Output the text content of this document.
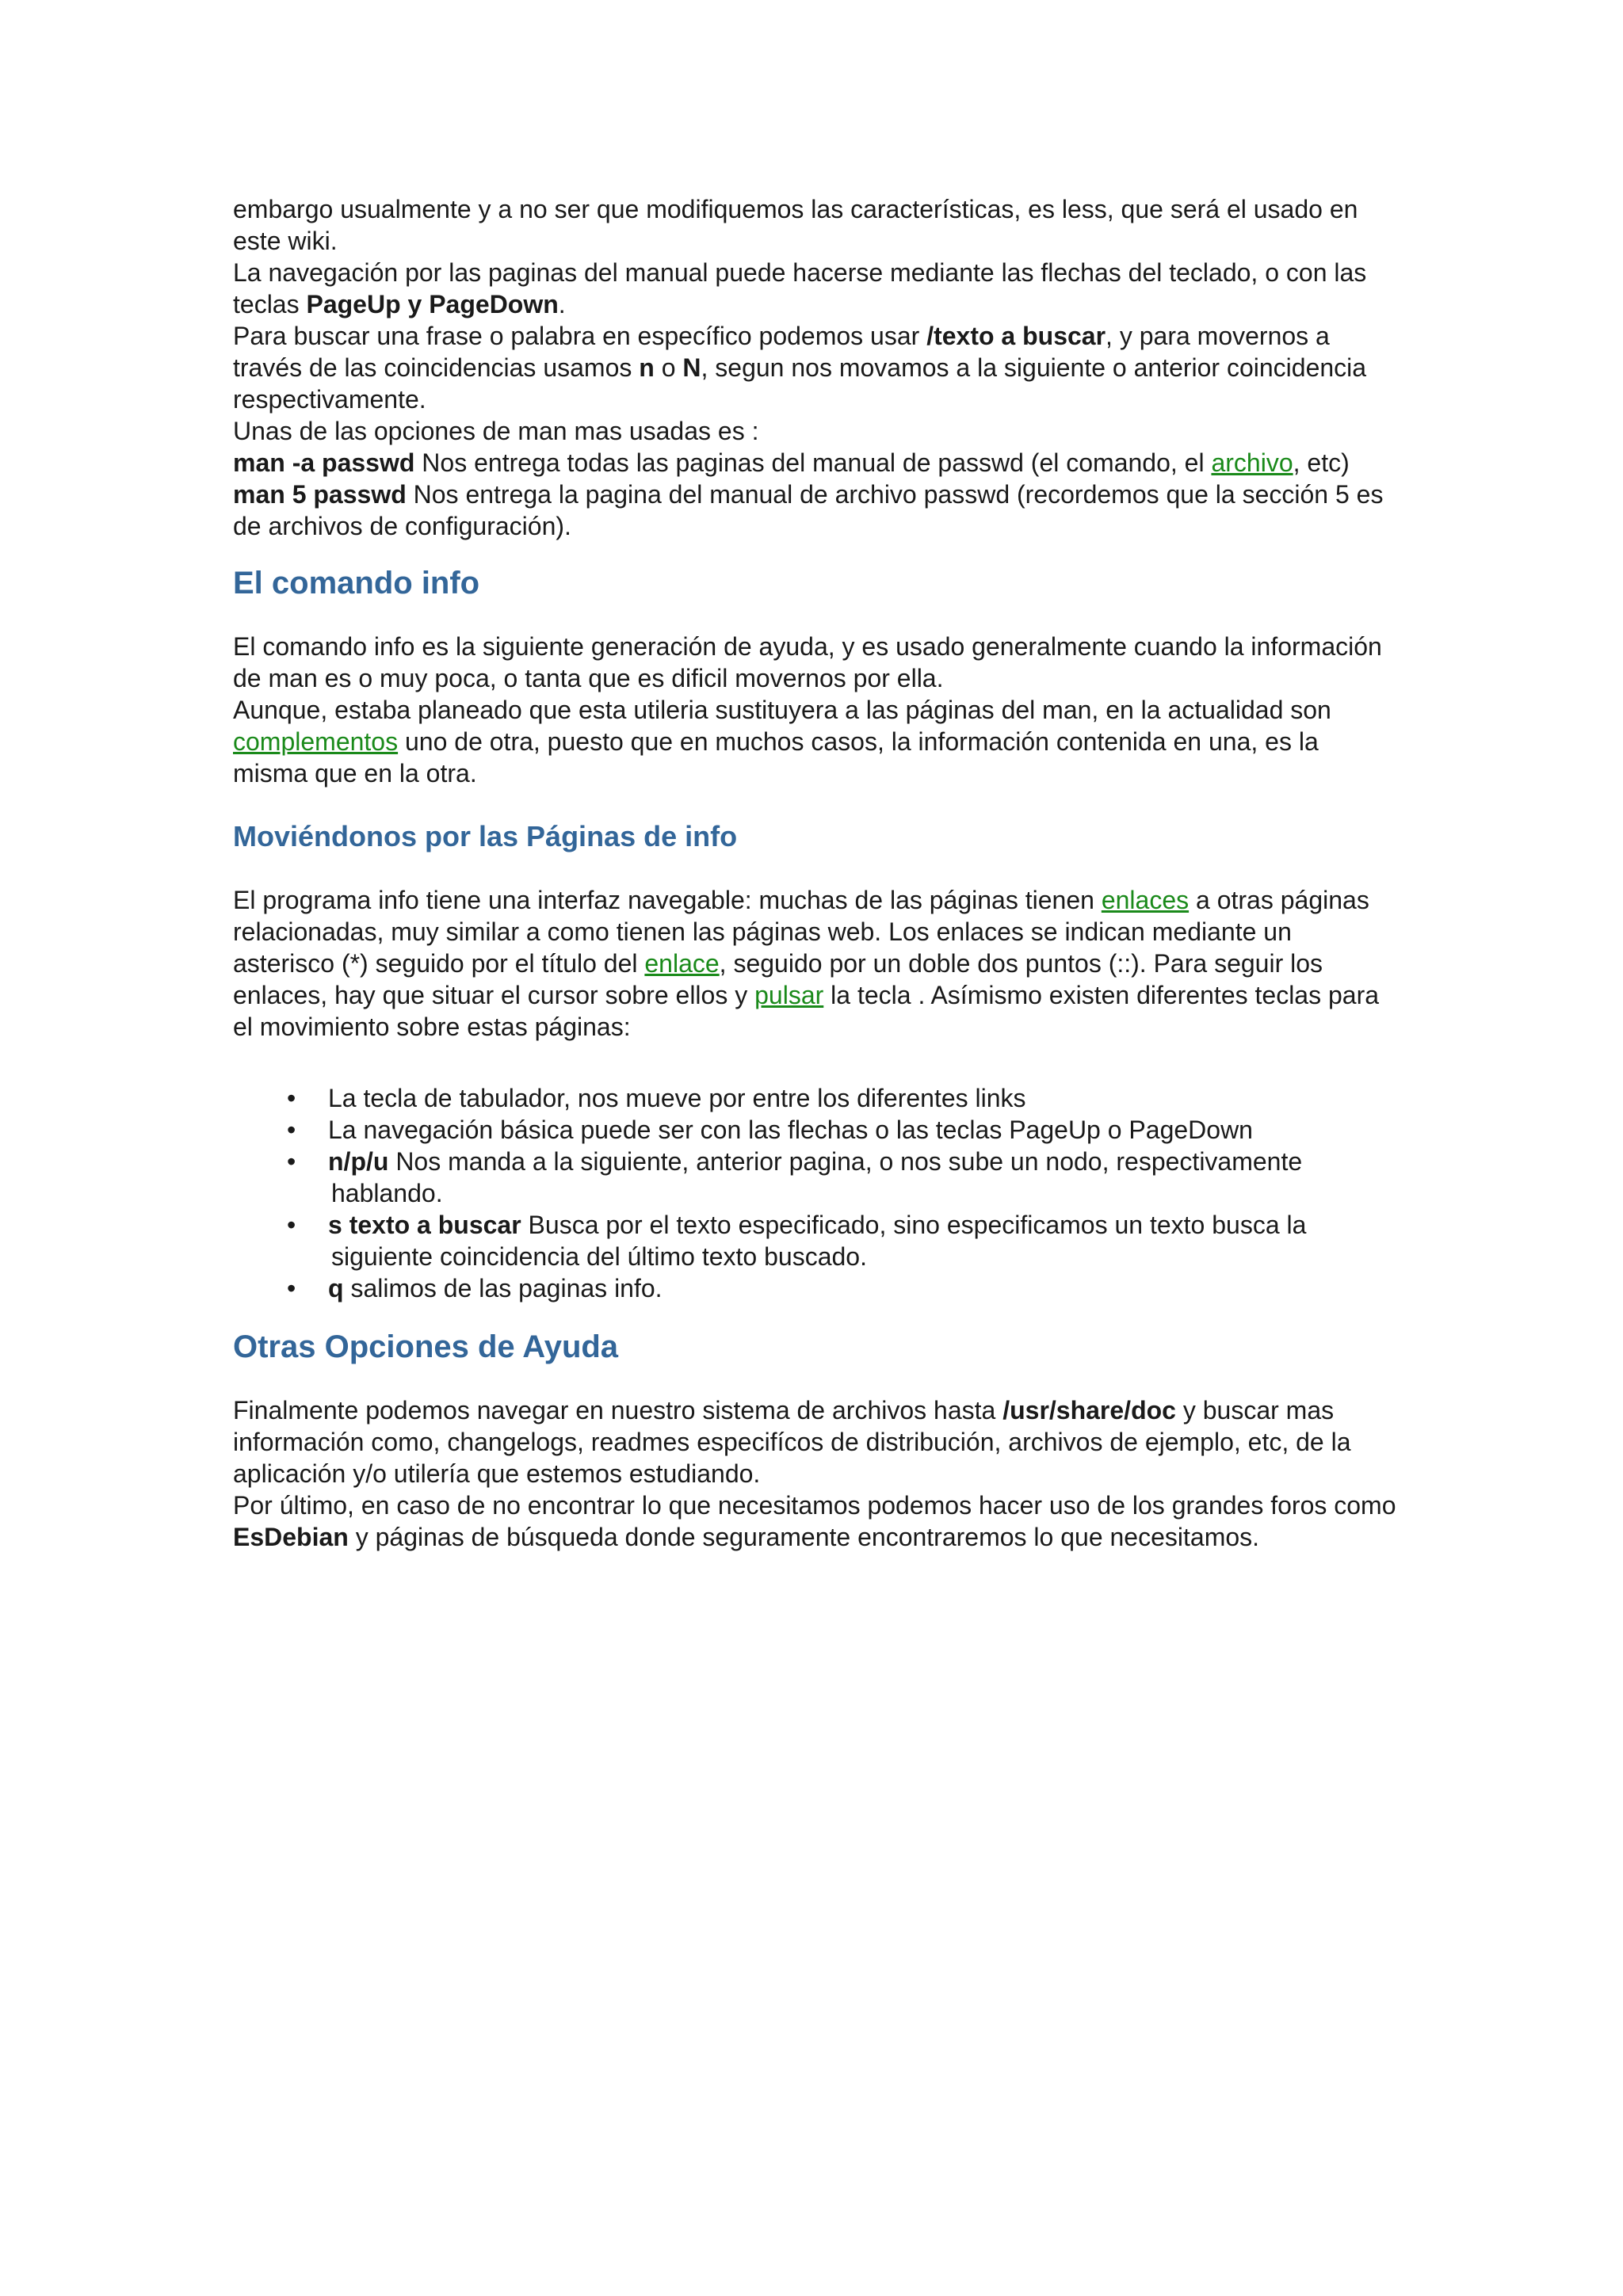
embargo usualmente y a no ser que modifiquemos las características, es less, que será el usado en este wiki.

La navegación por las paginas del manual puede hacerse mediante las flechas del teclado, o con las teclas PageUp y PageDown.

Para buscar una frase o palabra en específico podemos usar /texto a buscar, y para movernos a través de las coincidencias usamos n o N, segun nos movamos a la siguiente o anterior coincidencia respectivamente.

Unas de las opciones de man mas usadas es :

man -a passwd Nos entrega todas las paginas del manual de passwd (el comando, el archivo, etc)

man 5 passwd Nos entrega la pagina del manual de archivo passwd (recordemos que la sección 5 es de archivos de configuración).

El comando info

El comando info es la siguiente generación de ayuda, y es usado generalmente cuando la información de man es o muy poca, o tanta que es dificil movernos por ella.

Aunque, estaba planeado que esta utileria sustituyera a las páginas del man, en la actualidad son complementos uno de otra, puesto que en muchos casos, la información contenida en una, es la misma que en la otra.

Moviéndonos por las Páginas de info

El programa info tiene una interfaz navegable: muchas de las páginas tienen enlaces a otras páginas relacionadas, muy similar a como tienen las páginas web. Los enlaces se indican mediante un asterisco (*) seguido por el título del enlace, seguido por un doble dos puntos (::). Para seguir los enlaces, hay que situar el cursor sobre ellos y pulsar la tecla . Asímismo existen diferentes teclas para el movimiento sobre estas páginas:

• La tecla de tabulador, nos mueve por entre los diferentes links
• La navegación básica puede ser con las flechas o las teclas PageUp o PageDown
• n/p/u Nos manda a la siguiente, anterior pagina, o nos sube un nodo, respectivamente
hablando.
• s texto a buscar Busca por el texto especificado, sino especificamos un texto busca la
siguiente coincidencia del último texto buscado.
• q salimos de las paginas info.
Otras Opciones de Ayuda

Finalmente podemos navegar en nuestro sistema de archivos hasta /usr/share/doc y buscar mas información como, changelogs, readmes especifícos de distribución, archivos de ejemplo, etc, de la aplicación y/o utilería que estemos estudiando.

Por último, en caso de no encontrar lo que necesitamos podemos hacer uso de los grandes foros como EsDebian y páginas de búsqueda donde seguramente encontraremos lo que necesitamos.
